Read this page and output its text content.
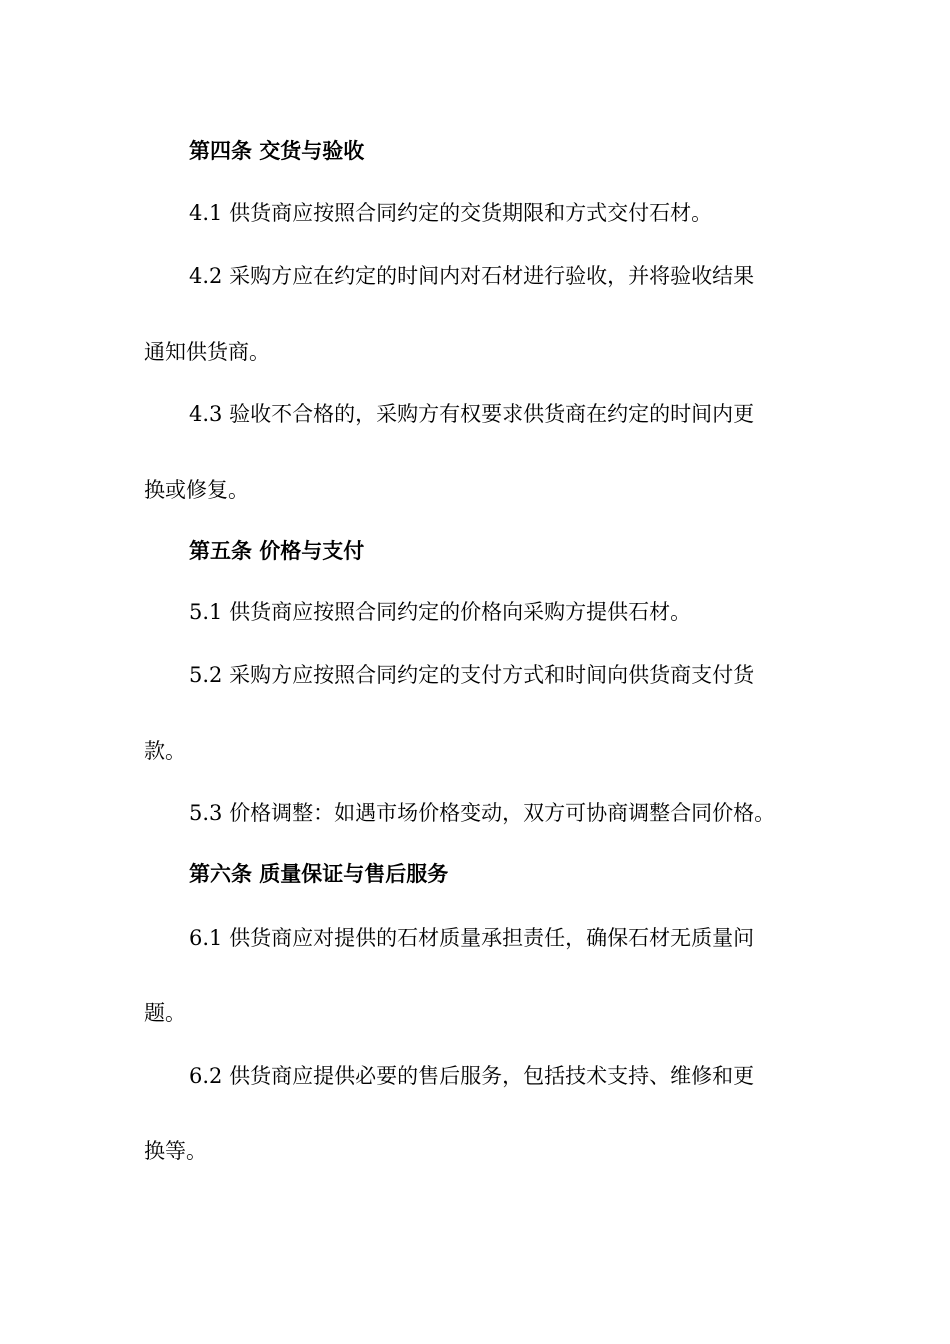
第四条 交货与验收
4.1 供货商应按照合同约定的交货期限和方式交付石材。
4.2 采购方应在约定的时间内对石材进行验收，并将验收结果
通知供货商。
4.3 验收不合格的，采购方有权要求供货商在约定的时间内更
换或修复。
第五条 价格与支付
5.1 供货商应按照合同约定的价格向采购方提供石材。
5.2 采购方应按照合同约定的支付方式和时间向供货商支付货
款。
5.3 价格调整：如遇市场价格变动，双方可协商调整合同价格。
第六条 质量保证与售后服务
6.1 供货商应对提供的石材质量承担责任，确保石材无质量问
题。
6.2 供货商应提供必要的售后服务，包括技术支持、维修和更
换等。
